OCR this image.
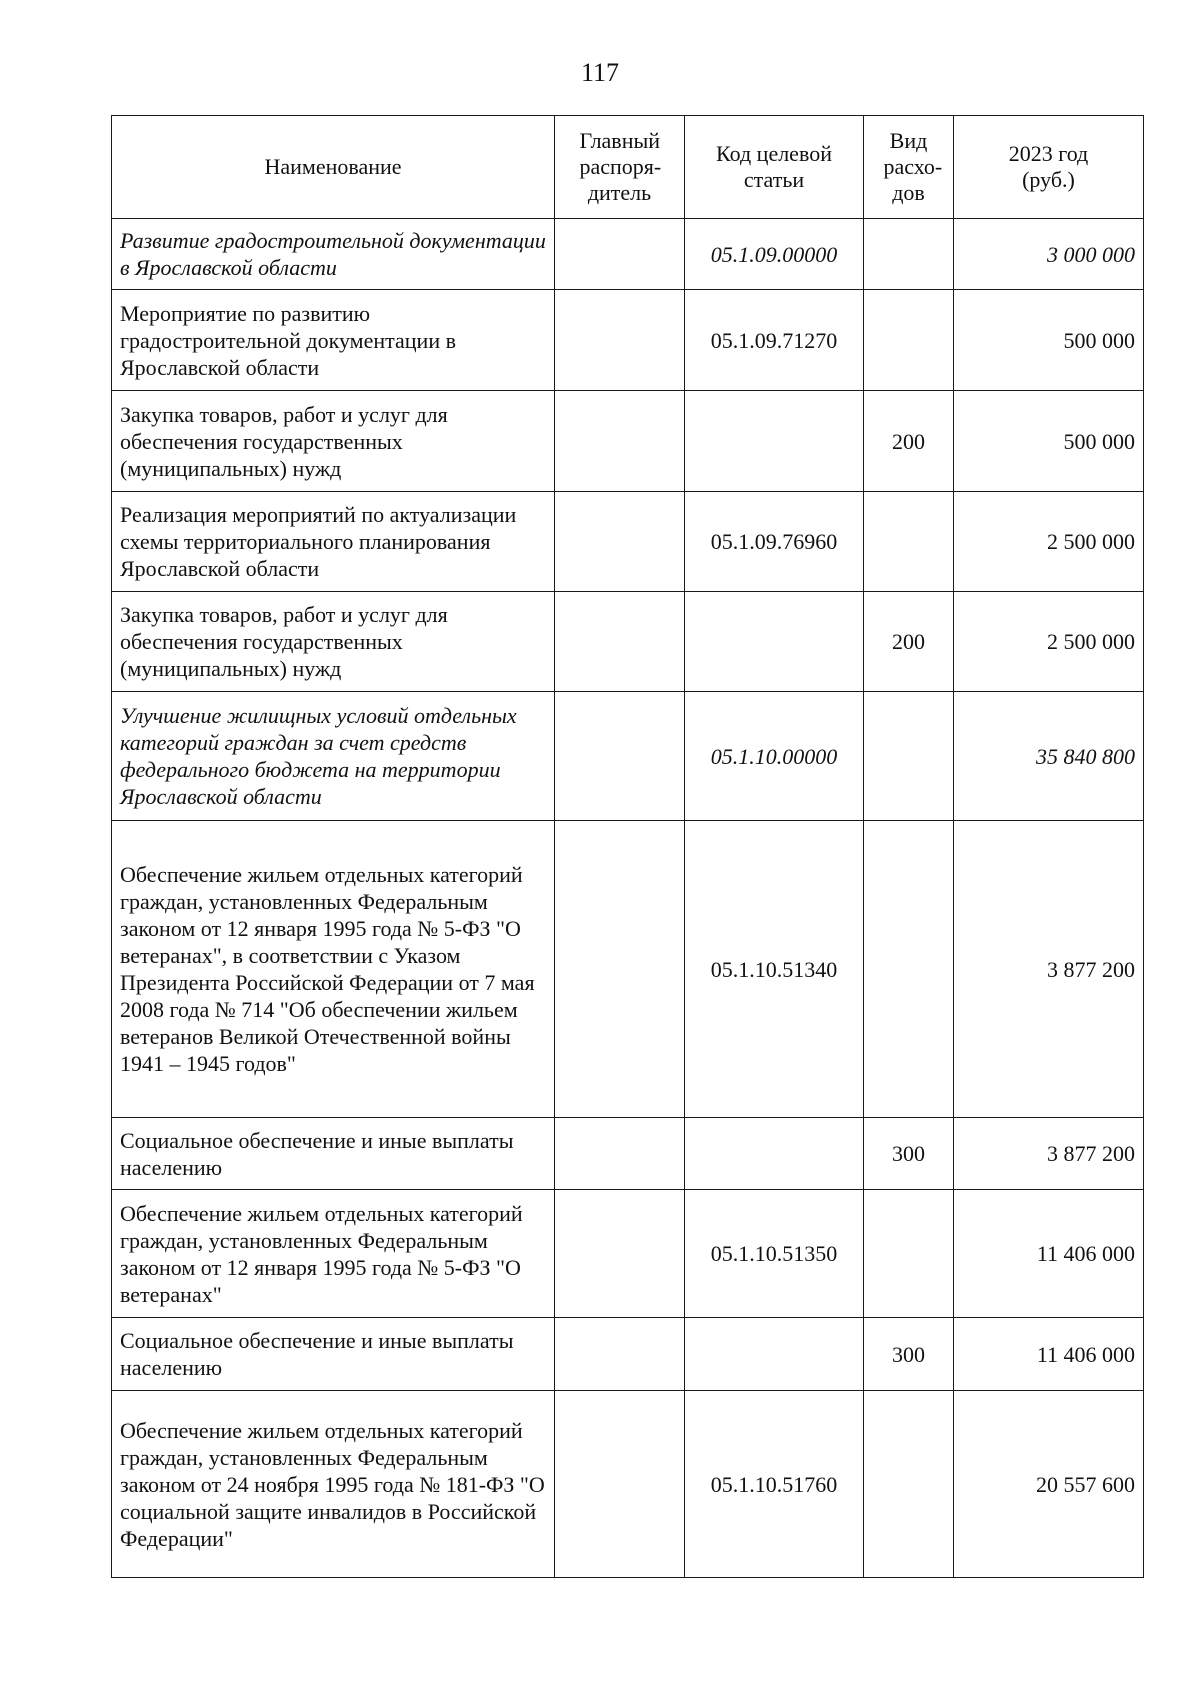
117
Наименование	Главный распоря-дитель	Код целевой статьи	Вид расхо-дов	2023 год (руб.)
Развитие градостроительной документации в Ярославской области		05.1.09.00000		3 000 000
Мероприятие по развитию градостроительной документации в Ярославской области		05.1.09.71270		500 000
Закупка товаров, работ и услуг для обеспечения государственных (муниципальных) нужд			200	500 000
Реализация мероприятий по актуализации схемы территориального планирования Ярославской области		05.1.09.76960		2 500 000
Закупка товаров, работ и услуг для обеспечения государственных (муниципальных) нужд			200	2 500 000
Улучшение жилищных условий отдельных категорий граждан за счет средств федерального бюджета на территории Ярославской области		05.1.10.00000		35 840 800
Обеспечение жильем отдельных категорий граждан, установленных Федеральным законом от 12 января 1995 года № 5-ФЗ "О ветеранах", в соответствии с Указом Президента Российской Федерации от 7 мая 2008 года № 714 "Об обеспечении жильем ветеранов Великой Отечественной войны 1941 – 1945 годов"		05.1.10.51340		3 877 200
Социальное обеспечение и иные выплаты населению			300	3 877 200
Обеспечение жильем отдельных категорий граждан, установленных Федеральным законом от 12 января 1995 года № 5-ФЗ "О ветеранах"		05.1.10.51350		11 406 000
Социальное обеспечение и иные выплаты населению			300	11 406 000
Обеспечение жильем отдельных категорий граждан, установленных Федеральным законом от 24 ноября 1995 года № 181-ФЗ "О социальной защите инвалидов в Российской Федерации"		05.1.10.51760		20 557 600
